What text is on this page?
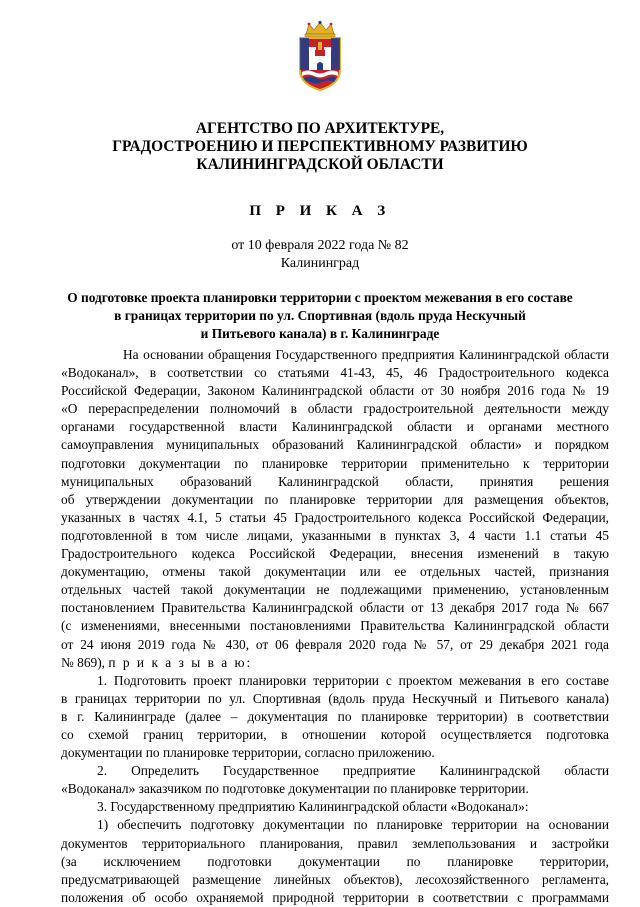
АГЕНТСТВО ПО АРХИТЕКТУРЕ,
ГРАДОСТРОЕНИЮ И ПЕРСПЕКТИВНОМУ РАЗВИТИЮ
КАЛИНИНГРАДСКОЙ ОБЛАСТИ
П Р И К А З
от 10 февраля 2022 года № 82
Калининград
О подготовке проекта планировки территории с проектом межевания в его составе
в границах территории по ул. Спортивная (вдоль пруда Нескучный
и Питьевого канала) в г. Калининграде
На основании обращения Государственного предприятия Калининградской области
«Водоканал», в соответствии со статьями 41-43, 45, 46 Градостроительного кодекса
Российской Федерации, Законом Калининградской области от 30 ноября 2016 года № 19
«О перераспределении полномочий в области градостроительной деятельности между
органами государственной власти Калининградской области и органами местного
самоуправления муниципальных образований Калининградской области» и порядком
подготовки документации по планировке территории применительно к территории
муниципальных образований Калининградской области, принятия решения
об утверждении документации по планировке территории для размещения объектов,
указанных в частях 4.1, 5 статьи 45 Градостроительного кодекса Российской Федерации,
подготовленной в том числе лицами, указанными в пунктах 3, 4 части 1.1 статьи 45
Градостроительного кодекса Российской Федерации, внесения изменений в такую
документацию, отмены такой документации или ее отдельных частей, признания
отдельных частей такой документации не подлежащими применению, установленным
постановлением Правительства Калининградской области от 13 декабря 2017 года № 667
(с изменениями, внесенными постановлениями Правительства Калининградской области
от 24 июня 2019 года № 430, от 06 февраля 2020 года № 57, от 29 декабря 2021 года
№ 869), п р и к а з ы в а ю:
1. Подготовить проект планировки территории с проектом межевания в его составе
в границах территории по ул. Спортивная (вдоль пруда Нескучный и Питьевого канала)
в г. Калининграде (далее – документация по планировке территории) в соответствии
со схемой границ территории, в отношении которой осуществляется подготовка
документации по планировке территории, согласно приложению.
2. Определить Государственное предприятие Калининградской области
«Водоканал» заказчиком по подготовке документации по планировке территории.
3. Государственному предприятию Калининградской области «Водоканал»:
1) обеспечить подготовку документации по планировке территории на основании
документов территориального планирования, правил землепользования и застройки
(за исключением подготовки документации по планировке территории,
предусматривающей размещение линейных объектов), лесохозяйственного регламента,
положения об особо охраняемой природной территории в соответствии с программами
